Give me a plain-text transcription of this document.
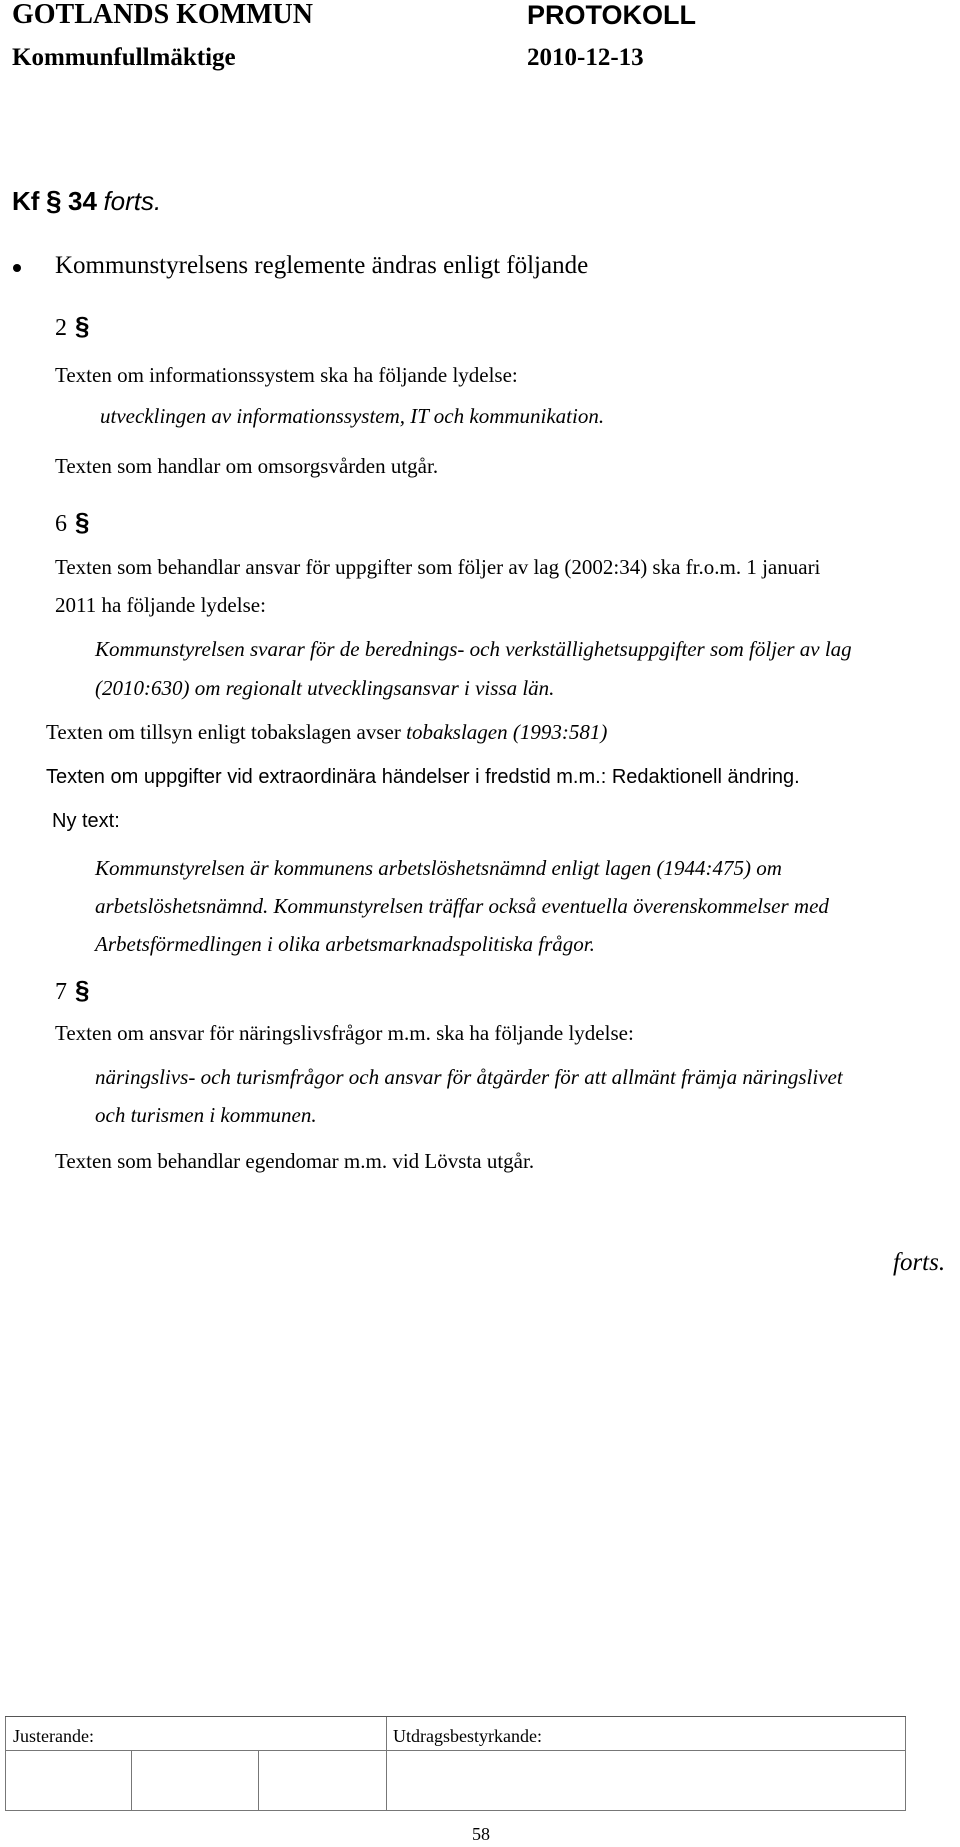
GOTLANDS KOMMUN	PROTOKOLL
Kommunfullmäktige	2010-12-13
Kf § 34 forts.
Kommunstyrelsens reglemente ändras enligt följande
2 §
Texten om informationssystem ska ha följande lydelse:
utvecklingen av informationssystem, IT och kommunikation.
Texten som handlar om omsorgsvården utgår.
6 §
Texten som behandlar ansvar för uppgifter som följer av lag (2002:34) ska fr.o.m. 1 januari
2011 ha följande lydelse:
Kommunstyrelsen svarar för de berednings- och verkställighetsuppgifter som följer av lag
(2010:630) om regionalt utvecklingsansvar i vissa län.
Texten om tillsyn enligt tobakslagen avser tobakslagen (1993:581)
Texten om uppgifter vid extraordinära händelser i fredstid m.m.: Redaktionell ändring.
Ny text:
Kommunstyrelsen är kommunens arbetslöshetsnämnd enligt lagen (1944:475) om
arbetslöshetsnämnd. Kommunstyrelsen träffar också eventuella överenskommelser med
Arbetsförmedlingen i olika arbetsmarknadspolitiska frågor.
7 §
Texten om ansvar för näringslivsfrågor m.m. ska ha följande lydelse:
näringslivs- och turismfrågor och ansvar för åtgärder för att allmänt främja näringslivet
och turismen i kommunen.
Texten som behandlar egendomar m.m. vid Lövsta utgår.
forts.
Justerande:	Utdragsbestyrkande:
58
